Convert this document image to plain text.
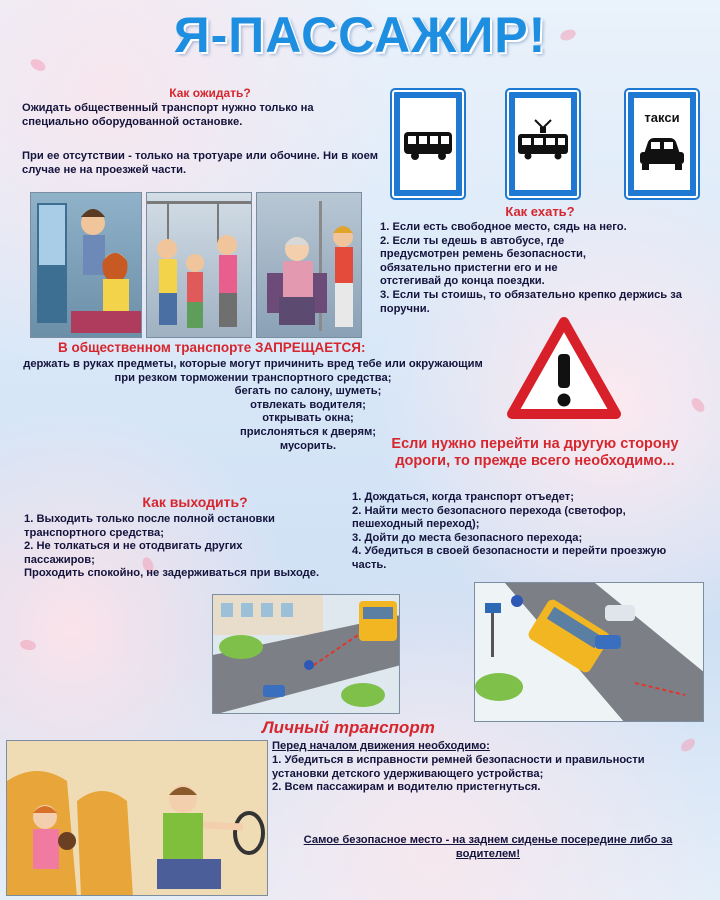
Я-ПАССАЖИР!
Как ожидать?
Ожидать общественный транспорт нужно только на специально оборудованной остановке.
При ее отсутствии - только на тротуаре или обочине. Ни в коем случае не на проезжей части.
такси
Как ехать?
1. Если есть свободное место, сядь на него.
2. Если ты едешь в автобусе, где предусмотрен ремень безопасности, обязательно пристегни его и не отстегивай до конца поездки.
3. Если ты стоишь, то обязательно крепко держись за поручни.
В общественном транспорте ЗАПРЕЩАЕТСЯ:
держать в руках предметы, которые могут причинить вред тебе или окружающим при резком торможении транспортного средства;
бегать по салону, шуметь;
отвлекать водителя;
открывать окна;
прислоняться к дверям;
мусорить.	Если нужно перейти на другую сторону дороги, то прежде всего необходимо...
1. Дождаться, когда транспорт отъедет;
2. Найти место безопасного перехода (светофор, пешеходный переход);
3. Дойти до места безопасного перехода;
4. Убедиться в своей безопасности и перейти проезжую часть.
Как выходить?
1. Выходить только после полной остановки транспортного средства;
2. Не толкаться и не отодвигать других пассажиров;
Проходить спокойно, не задерживаться при выходе.
Личный транспорт
Перед началом движения необходимо:
1. Убедиться в исправности ремней безопасности и правильности установки детского удерживающего устройства;
2. Всем пассажирам и водителю пристегнуться.
Самое безопасное место - на заднем сиденье посередине либо за водителем!
